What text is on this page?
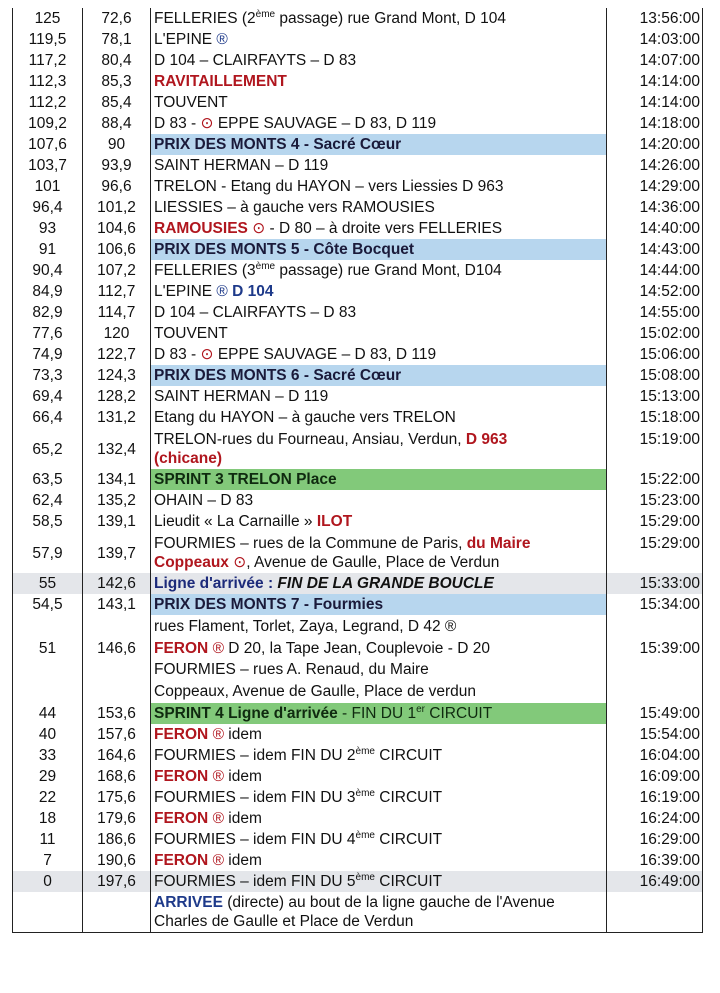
125	72,6	FELLERIES (2ème passage) rue Grand Mont, D 104	13:56:00
119,5	78,1	L'EPINE ®	14:03:00
117,2	80,4	D 104 – CLAIRFAYTS – D 83	14:07:00
112,3	85,3	RAVITAILLEMENT	14:14:00
112,2	85,4	TOUVENT	14:14:00
109,2	88,4	D 83 - ⊙ EPPE SAUVAGE – D 83, D 119	14:18:00
107,6	90	PRIX DES MONTS 4 - Sacré Cœur	14:20:00
103,7	93,9	SAINT HERMAN – D 119	14:26:00
101	96,6	TRELON - Etang du HAYON – vers Liessies D 963	14:29:00
96,4	101,2	LIESSIES – à gauche vers RAMOUSIES	14:36:00
93	104,6	RAMOUSIES ⊙ - D 80 – à droite vers FELLERIES	14:40:00
91	106,6	PRIX DES MONTS 5 - Côte Bocquet	14:43:00
90,4	107,2	FELLERIES (3ème passage) rue Grand Mont, D104	14:44:00
84,9	112,7	L'EPINE ® D 104	14:52:00
82,9	114,7	D 104 – CLAIRFAYTS – D 83	14:55:00
77,6	120	TOUVENT	15:02:00
74,9	122,7	D 83 - ⊙ EPPE SAUVAGE – D 83, D 119	15:06:00
73,3	124,3	PRIX DES MONTS 6 - Sacré Cœur	15:08:00
69,4	128,2	SAINT HERMAN – D 119	15:13:00
66,4	131,2	Etang du HAYON – à gauche vers TRELON	15:18:00
65,2	132,4	TRELON-rues du Fourneau, Ansiau, Verdun, D 963
(chicane)	15:19:00
63,5	134,1	SPRINT 3 TRELON Place	15:22:00
62,4	135,2	OHAIN – D 83	15:23:00
58,5	139,1	Lieudit « La Carnaille » ILOT	15:29:00
57,9	139,7	FOURMIES – rues de la Commune de Paris, du Maire
Coppeaux ⊙, Avenue de Gaulle, Place de Verdun	15:29:00
55	142,6	Ligne d'arrivée : FIN DE LA GRANDE BOUCLE	15:33:00
54,5	143,1	PRIX DES MONTS 7 - Fourmies	15:34:00
51	146,6	rues Flament, Torlet, Zaya, Legrand, D 42 ®
FERON ® D 20, la Tape Jean, Couplevoie - D 20
FOURMIES – rues A. Renaud, du Maire
Coppeaux, Avenue de Gaulle, Place de verdun	15:39:00
44	153,6	SPRINT 4 Ligne d'arrivée - FIN DU 1er CIRCUIT	15:49:00
40	157,6	FERON ® idem	15:54:00
33	164,6	FOURMIES – idem FIN DU 2ème CIRCUIT	16:04:00
29	168,6	FERON ® idem	16:09:00
22	175,6	FOURMIES – idem FIN DU 3ème CIRCUIT	16:19:00
18	179,6	FERON ® idem	16:24:00
11	186,6	FOURMIES – idem FIN DU 4ème CIRCUIT	16:29:00
7	190,6	FERON ® idem	16:39:00
0	197,6	FOURMIES – idem FIN DU 5ème CIRCUIT	16:49:00
		ARRIVEE (directe) au bout de la ligne gauche de l'Avenue
Charles de Gaulle et Place de Verdun	
